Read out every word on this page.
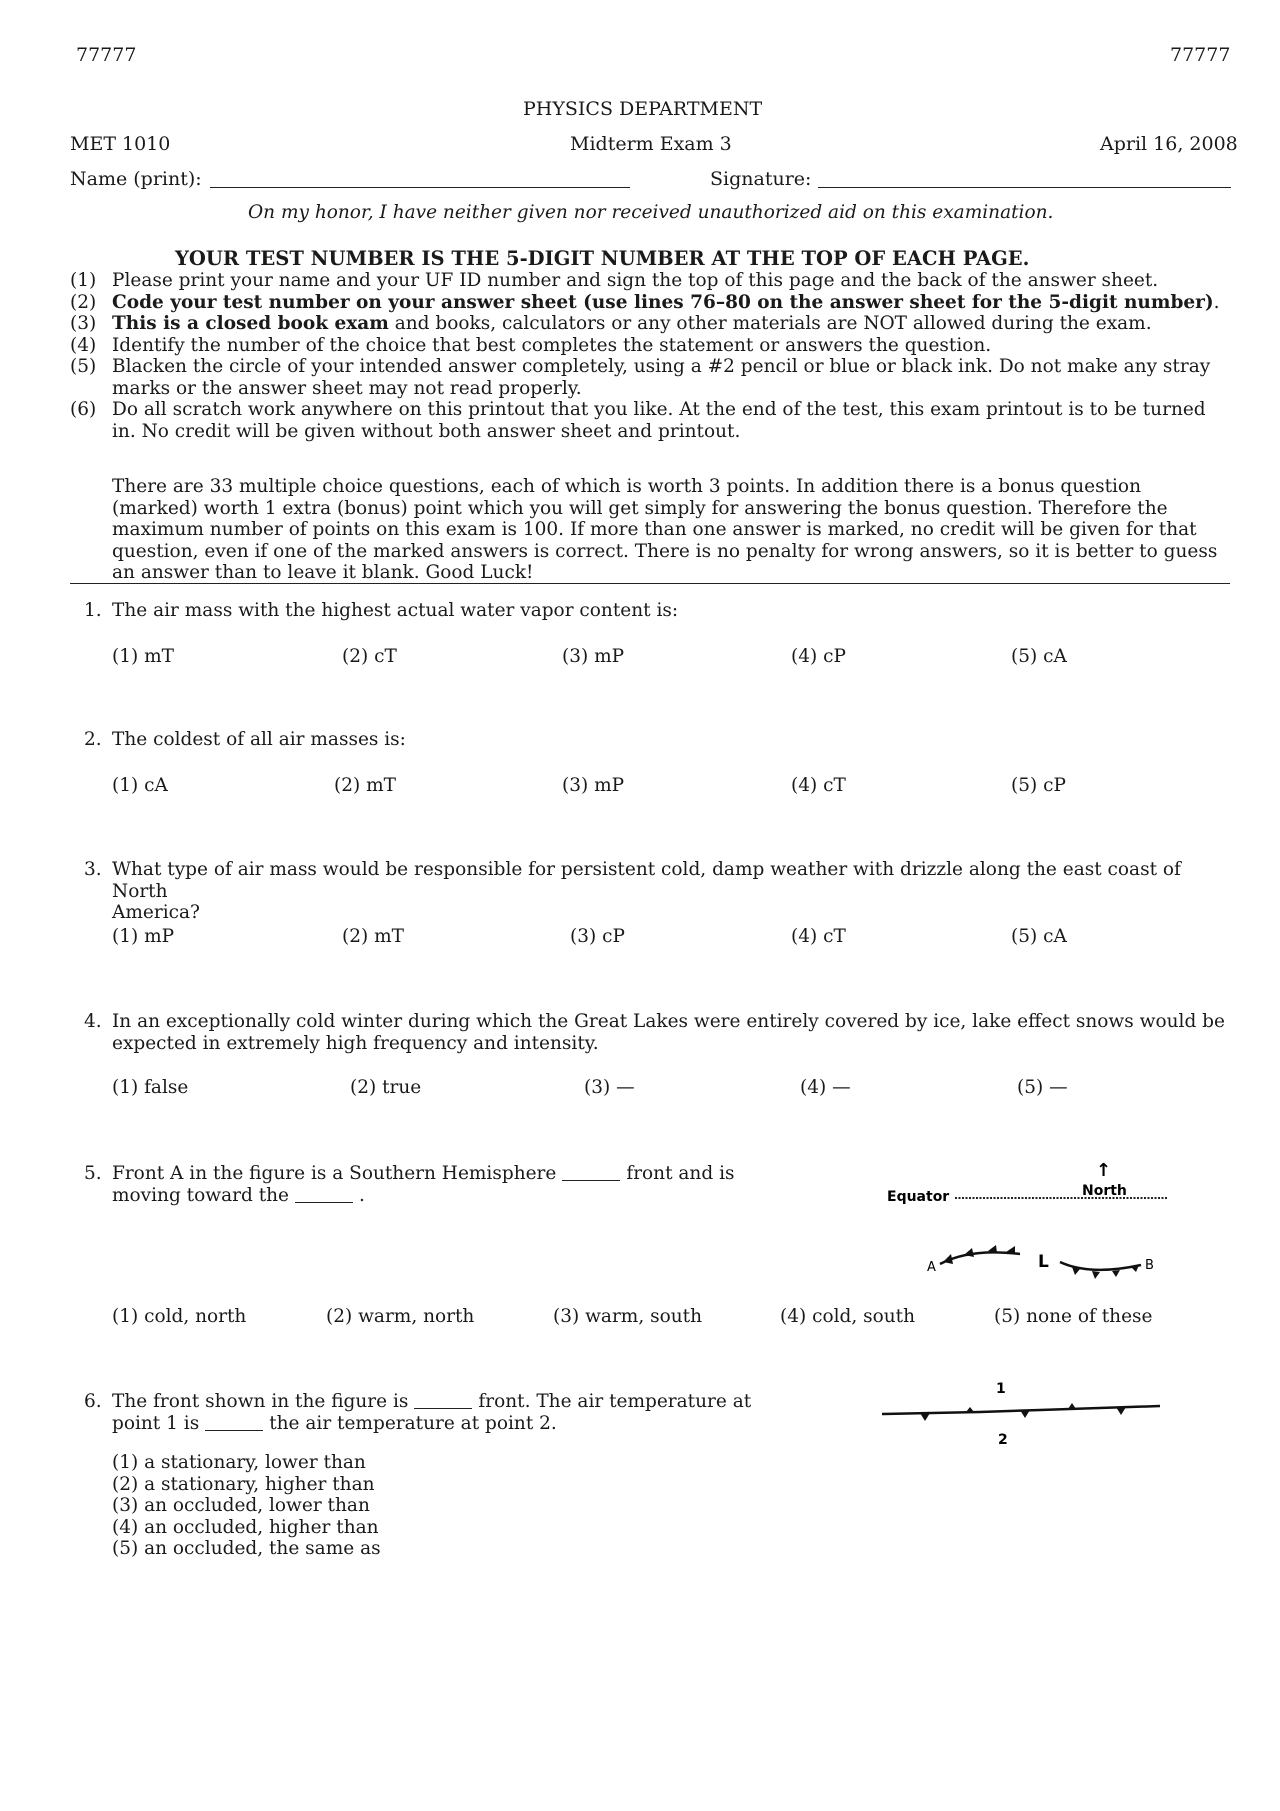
77777	77777
PHYSICS DEPARTMENT
MET 1010	Midterm Exam 3	April 16, 2008
Name (print):	Signature:
On my honor, I have neither given nor received unauthorized aid on this examination.
YOUR TEST NUMBER IS THE 5-DIGIT NUMBER AT THE TOP OF EACH PAGE.
(1) Please print your name and your UF ID number and sign the top of this page and the back of the answer sheet.
(2) Code your test number on your answer sheet (use lines 76–80 on the answer sheet for the 5-digit number).
(3) This is a closed book exam and books, calculators or any other materials are NOT allowed during the exam.
(4) Identify the number of the choice that best completes the statement or answers the question.
(5) Blacken the circle of your intended answer completely, using a #2 pencil or blue or black ink. Do not make any stray marks or the answer sheet may not read properly.
(6) Do all scratch work anywhere on this printout that you like. At the end of the test, this exam printout is to be turned in. No credit will be given without both answer sheet and printout.
There are 33 multiple choice questions, each of which is worth 3 points. In addition there is a bonus question (marked) worth 1 extra (bonus) point which you will get simply for answering the bonus question. Therefore the maximum number of points on this exam is 100. If more than one answer is marked, no credit will be given for that question, even if one of the marked answers is correct. There is no penalty for wrong answers, so it is better to guess an answer than to leave it blank. Good Luck!
1. The air mass with the highest actual water vapor content is:
(1) mT	(2) cT	(3) mP	(4) cP	(5) cA
2. The coldest of all air masses is:
(1) cA	(2) mT	(3) mP	(4) cT	(5) cP
3. What type of air mass would be responsible for persistent cold, damp weather with drizzle along the east coast of North
America?
(1) mP	(2) mT	(3) cP	(4) cT	(5) cA
4. In an exceptionally cold winter during which the Great Lakes were entirely covered by ice, lake effect snows would be
expected in extremely high frequency and intensity.
(1) false	(2) true	(3) —	(4) —	(5) —
5. Front A in the figure is a Southern Hemisphere	front and is
moving toward the	.
↑
North
Equator
A	L	B
(1) cold, north	(2) warm, north	(3) warm, south	(4) cold, south	(5) none of these
6. The front shown in the figure is	front. The air temperature at
point 1 is	the air temperature at point 2.
1
2
(1) a stationary, lower than
(2) a stationary, higher than
(3) an occluded, lower than
(4) an occluded, higher than
(5) an occluded, the same as
